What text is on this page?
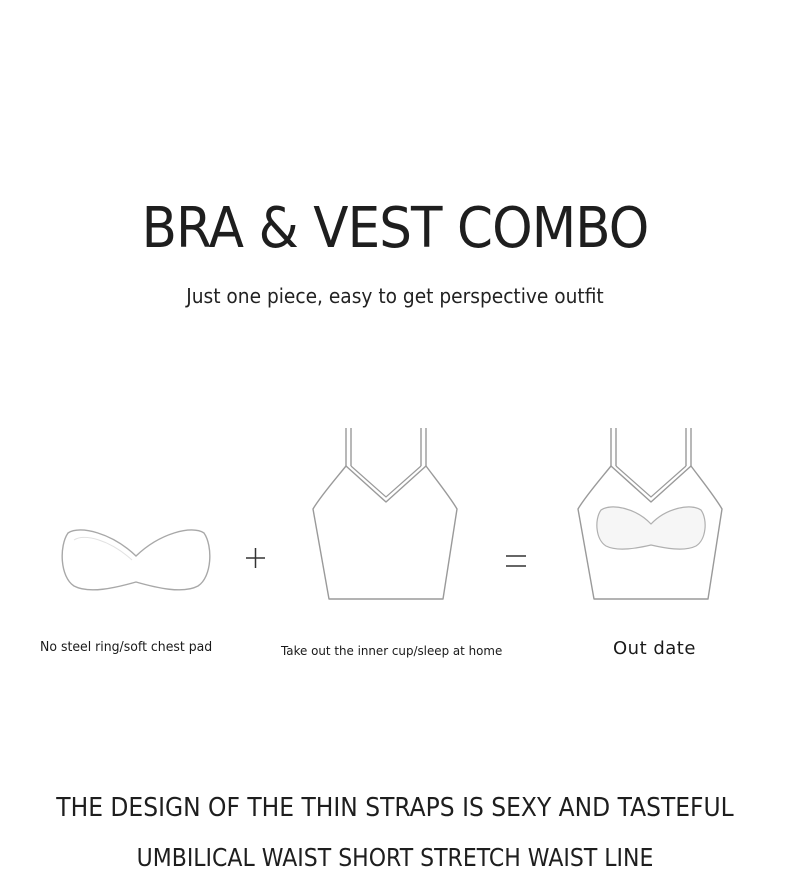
BRA & VEST COMBO
Just one piece, easy to get perspective outfit
No steel ring/soft chest pad	Take out the inner cup/sleep at home	Out date
THE DESIGN OF THE THIN STRAPS IS SEXY AND TASTEFUL
UMBILICAL WAIST SHORT STRETCH WAIST LINE
